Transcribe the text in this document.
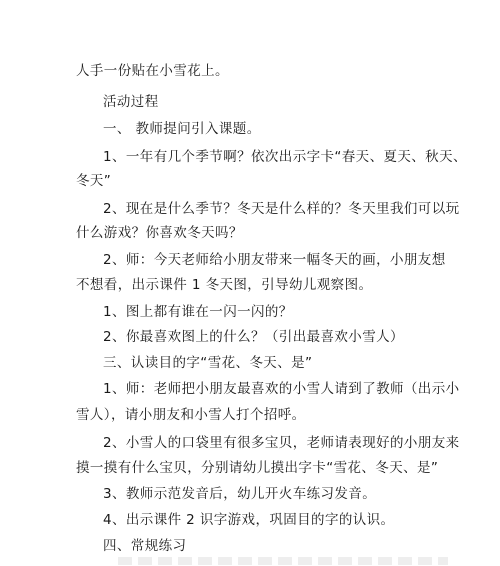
人手一份贴在小雪花上。
活动过程
一、 教师提问引入课题。
1、一年有几个季节啊？依次出示字卡“春天、夏天、秋天、
冬天”
2、现在是什么季节？冬天是什么样的？冬天里我们可以玩
什么游戏？你喜欢冬天吗？
2、师：今天老师给小朋友带来一幅冬天的画，小朋友想
不想看，出示课件 1 冬天图，引导幼儿观察图。
1、图上都有谁在一闪一闪的？
2、你最喜欢图上的什么？（引出最喜欢小雪人）
三、认读目的字“雪花、冬天、是”
1、师：老师把小朋友最喜欢的小雪人请到了教师（出示小
雪人），请小朋友和小雪人打个招呼。
2、小雪人的口袋里有很多宝贝，老师请表现好的小朋友来
摸一摸有什么宝贝，分别请幼儿摸出字卡“雪花、冬天、是”
3、教师示范发音后，幼儿开火车练习发音。
4、出示课件 2 识字游戏，巩固目的字的认识。
四、常规练习
